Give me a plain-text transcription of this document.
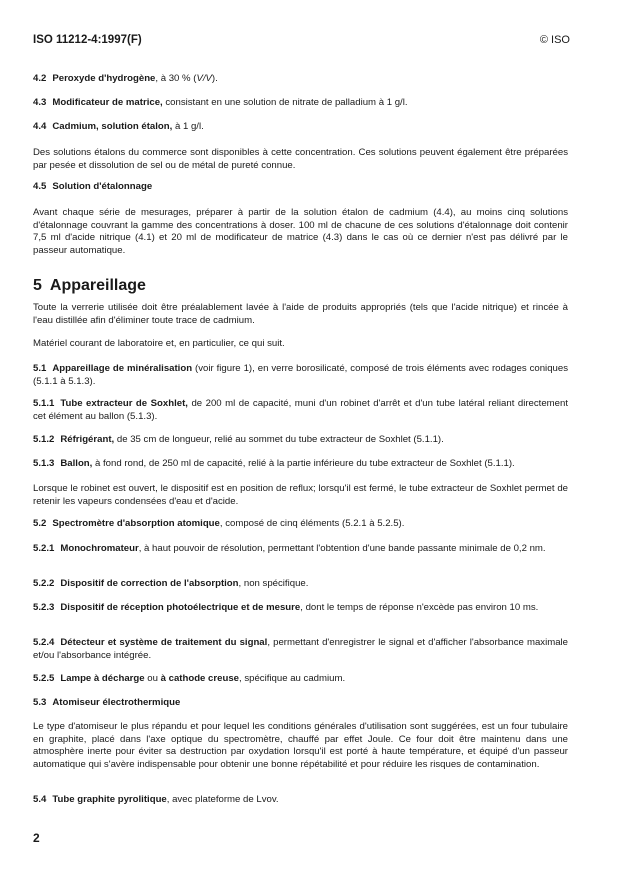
ISO 11212-4:1997(F)	© ISO

4.2 Peroxyde d'hydrogène, à 30 % (V/V).

4.3 Modificateur de matrice, consistant en une solution de nitrate de palladium à 1 g/l.

4.4 Cadmium, solution étalon, à 1 g/l.

Des solutions étalons du commerce sont disponibles à cette concentration. Ces solutions peuvent également être préparées par pesée et dissolution de sel ou de métal de pureté connue.

4.5 Solution d'étalonnage

Avant chaque série de mesurages, préparer à partir de la solution étalon de cadmium (4.4), au moins cinq solutions d'étalonnage couvrant la gamme des concentrations à doser. 100 ml de chacune de ces solutions d'étalonnage doit contenir 7,5 ml d'acide nitrique (4.1) et 20 ml de modificateur de matrice (4.3) dans le cas où ce dernier n'est pas délivré par le passeur automatique.

5 Appareillage

Toute la verrerie utilisée doit être préalablement lavée à l'aide de produits appropriés (tels que l'acide nitrique) et rincée à l'eau distillée afin d'éliminer toute trace de cadmium.

Matériel courant de laboratoire et, en particulier, ce qui suit.

5.1 Appareillage de minéralisation (voir figure 1), en verre borosilicaté, composé de trois éléments avec rodages coniques (5.1.1 à 5.1.3).

5.1.1 Tube extracteur de Soxhlet, de 200 ml de capacité, muni d'un robinet d'arrêt et d'un tube latéral reliant directement cet élément au ballon (5.1.3).

5.1.2 Réfrigérant, de 35 cm de longueur, relié au sommet du tube extracteur de Soxhlet (5.1.1).

5.1.3 Ballon, à fond rond, de 250 ml de capacité, relié à la partie inférieure du tube extracteur de Soxhlet (5.1.1).

Lorsque le robinet est ouvert, le dispositif est en position de reflux; lorsqu'il est fermé, le tube extracteur de Soxhlet permet de retenir les vapeurs condensées d'eau et d'acide.

5.2 Spectromètre d'absorption atomique, composé de cinq éléments (5.2.1 à 5.2.5).

5.2.1 Monochromateur, à haut pouvoir de résolution, permettant l'obtention d'une bande passante minimale de 0,2 nm.

5.2.2 Dispositif de correction de l'absorption, non spécifique.

5.2.3 Dispositif de réception photoélectrique et de mesure, dont le temps de réponse n'excède pas environ 10 ms.

5.2.4 Détecteur et système de traitement du signal, permettant d'enregistrer le signal et d'afficher l'absorbance maximale et/ou l'absorbance intégrée.

5.2.5 Lampe à décharge ou à cathode creuse, spécifique au cadmium.

5.3 Atomiseur électrothermique

Le type d'atomiseur le plus répandu et pour lequel les conditions générales d'utilisation sont suggérées, est un four tubulaire en graphite, placé dans l'axe optique du spectromètre, chauffé par effet Joule. Ce four doit être maintenu dans une atmosphère inerte pour éviter sa destruction par oxydation lorsqu'il est porté à haute température, et équipé d'un passeur automatique qui s'avère indispensable pour obtenir une bonne répétabilité et pour réduire les risques de contamination.

5.4 Tube graphite pyrolitique, avec plateforme de Lvov.

2
